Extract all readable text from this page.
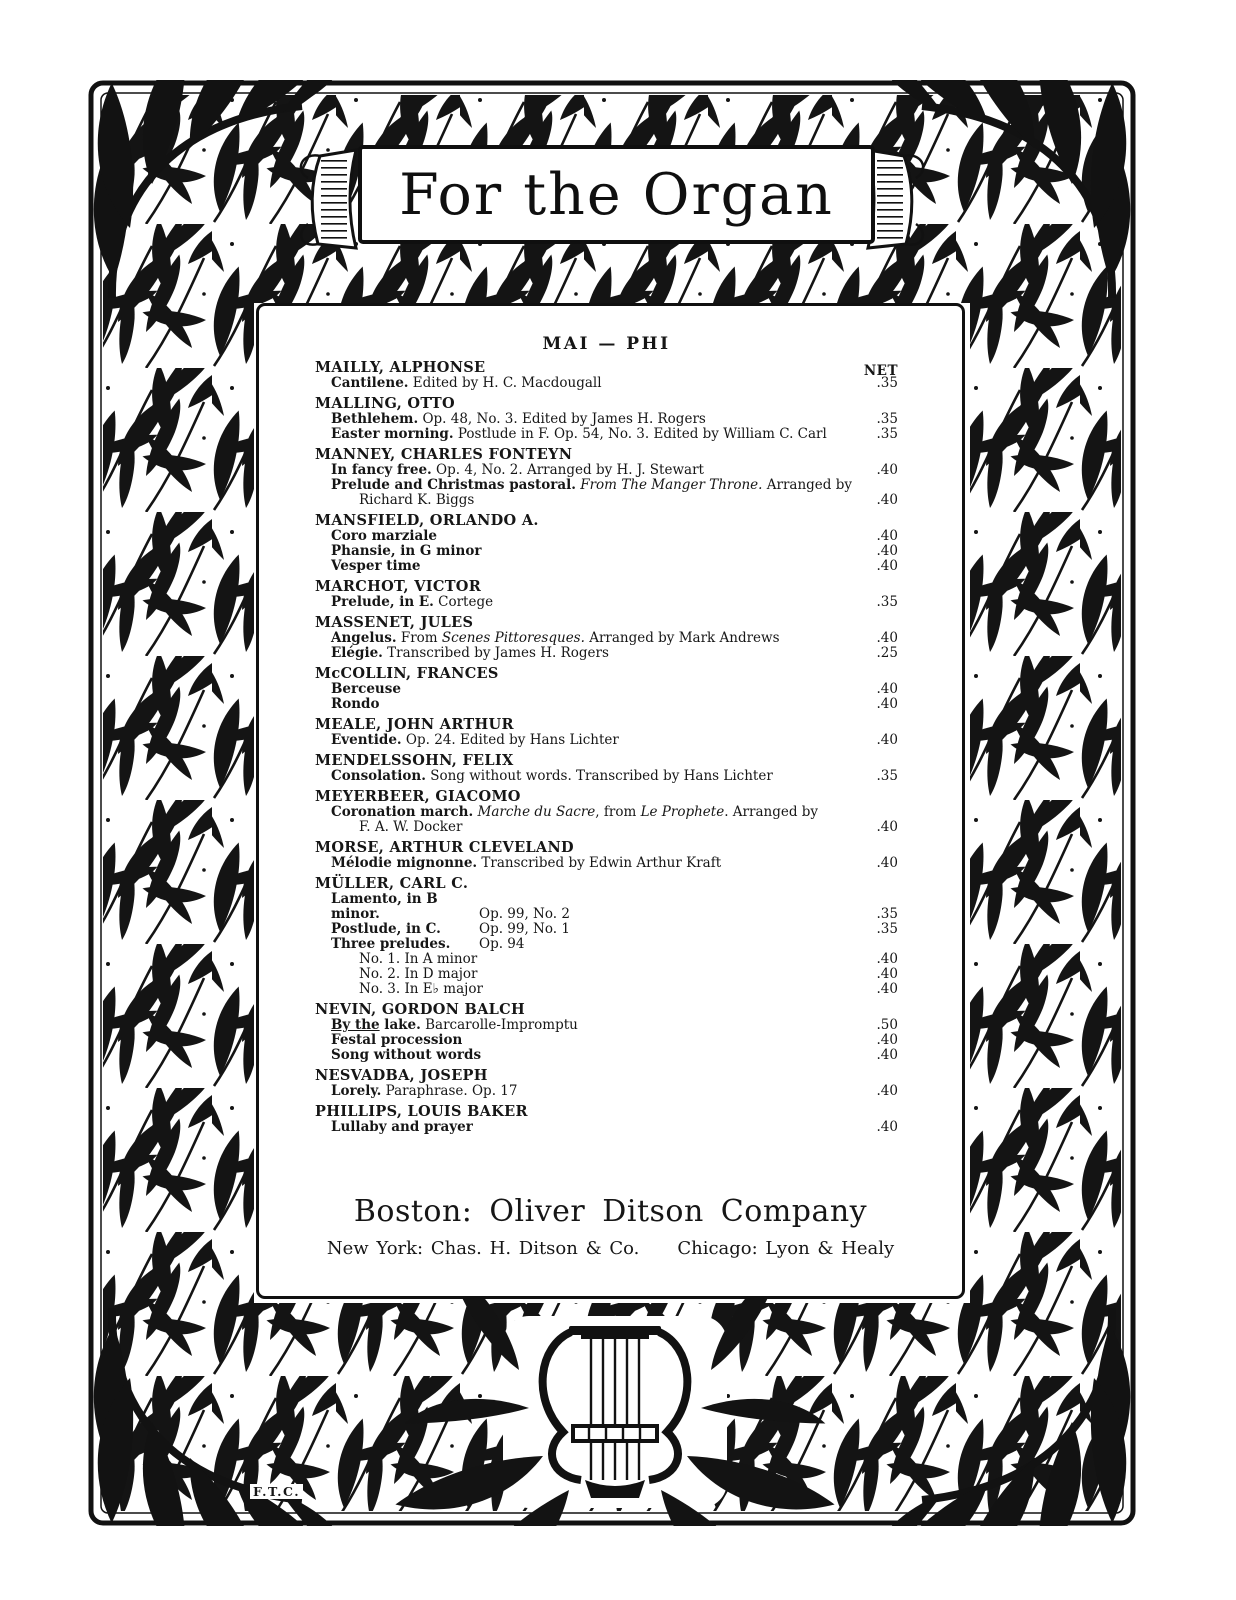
For the Organ
MAI — PHI
NET
MAILLY, ALPHONSE
Cantilene. Edited by H. C. Macdougall	.35
MALLING, OTTO
Bethlehem. Op. 48, No. 3. Edited by James H. Rogers	.35
Easter morning. Postlude in F. Op. 54, No. 3. Edited by William C. Carl	.35
MANNEY, CHARLES FONTEYN
In fancy free. Op. 4, No. 2. Arranged by H. J. Stewart	.40
Prelude and Christmas pastoral. From The Manger Throne. Arranged by
Richard K. Biggs	.40
MANSFIELD, ORLANDO A.
Coro marziale	.40
Phansie, in G minor	.40
Vesper time	.40
MARCHOT, VICTOR
Prelude, in E. Cortege	.35
MASSENET, JULES
Angelus. From Scenes Pittoresques. Arranged by Mark Andrews	.40
Elégie. Transcribed by James H. Rogers	.25
McCOLLIN, FRANCES
Berceuse	.40
Rondo	.40
MEALE, JOHN ARTHUR
Eventide. Op. 24. Edited by Hans Lichter	.40
MENDELSSOHN, FELIX
Consolation. Song without words. Transcribed by Hans Lichter	.35
MEYERBEER, GIACOMO
Coronation march. Marche du Sacre, from Le Prophete. Arranged by
F. A. W. Docker	.40
MORSE, ARTHUR CLEVELAND
Mélodie mignonne. Transcribed by Edwin Arthur Kraft	.40
MÜLLER, CARL C.
Lamento, in B minor.	Op. 99, No. 2	.35
Postlude, in C.	Op. 99, No. 1	.35
Three preludes. Op. 94
No. 1. In A minor	.40
No. 2. In D major	.40
No. 3. In E♭ major	.40
NEVIN, GORDON BALCH
By the lake. Barcarolle-Impromptu	.50
Festal procession	.40
Song without words	.40
NESVADBA, JOSEPH
Lorely. Paraphrase. Op. 17	.40
PHILLIPS, LOUIS BAKER
Lullaby and prayer	.40
Boston: Oliver Ditson Company
New York: Chas. H. Ditson & Co. Chicago: Lyon & Healy
F.T.C.
